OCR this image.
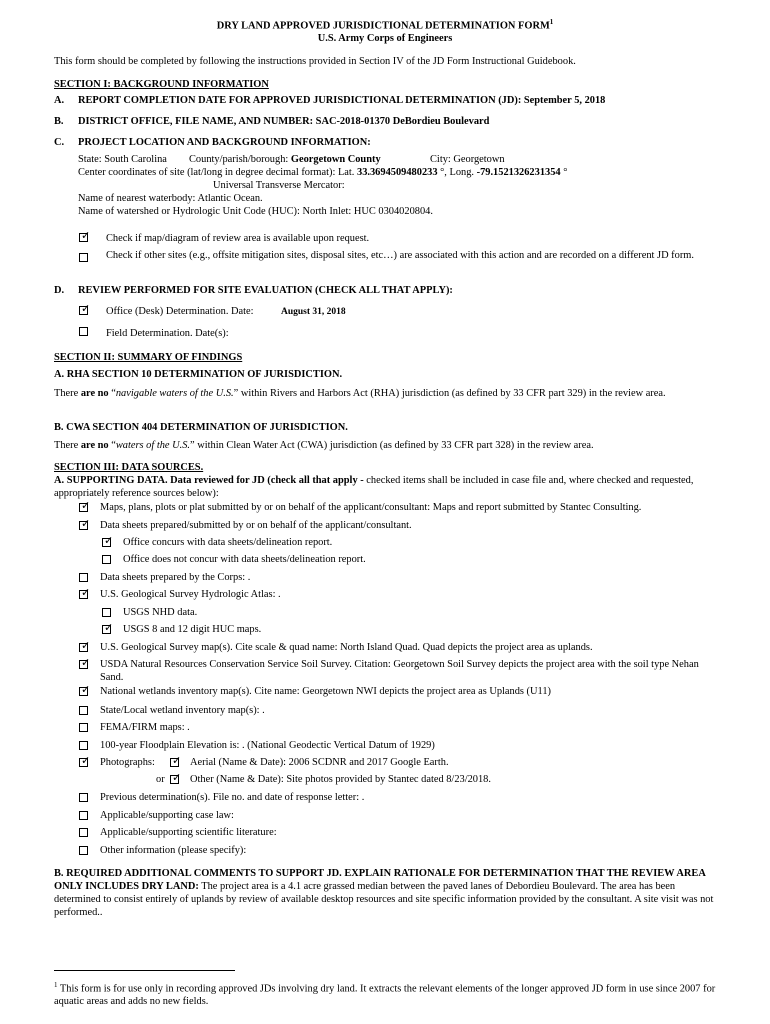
DRY LAND APPROVED JURISDICTIONAL DETERMINATION FORM$^1$
U.S. Army Corps of Engineers
This form should be completed by following the instructions provided in Section IV of the JD Form Instructional Guidebook.
SECTION I: BACKGROUND INFORMATION
A. REPORT COMPLETION DATE FOR APPROVED JURISDICTIONAL DETERMINATION (JD): September 5, 2018
B. DISTRICT OFFICE, FILE NAME, AND NUMBER: SAC-2018-01370 DeBordieu Boulevard
C. PROJECT LOCATION AND BACKGROUND INFORMATION:
State: South Carolina County/parish/borough: Georgetown County	City: Georgetown
Center coordinates of site (lat/long in degree decimal format): Lat. 33.3694509480233 °, Long. -79.1521326231354 °
Universal Transverse Mercator:
Name of nearest waterbody: Atlantic Ocean.
Name of watershed or Hydrologic Unit Code (HUC): North Inlet: HUC 0304020804.
✓
Check if map/diagram of review area is available upon request.
Check if other sites (e.g., offsite mitigation sites, disposal sites, etc…) are associated with this action and are recorded on a different JD form.
D. REVIEW PERFORMED FOR SITE EVALUATION (CHECK ALL THAT APPLY):
✓
Office (Desk) Determination. Date:	August 31, 2018
Field Determination. Date(s):
SECTION II: SUMMARY OF FINDINGS
A. RHA SECTION 10 DETERMINATION OF JURISDICTION.
There are no “navigable waters of the U.S.” within Rivers and Harbors Act (RHA) jurisdiction (as defined by 33 CFR part 329) in the review area.
B. CWA SECTION 404 DETERMINATION OF JURISDICTION.
There are no “waters of the U.S.” within Clean Water Act (CWA) jurisdiction (as defined by 33 CFR part 328) in the review area.
SECTION III: DATA SOURCES.
A. SUPPORTING DATA. Data reviewed for JD (check all that apply - checked items shall be included in case file and, where checked and requested, appropriately reference sources below):
✓
Maps, plans, plots or plat submitted by or on behalf of the applicant/consultant: Maps and report submitted by Stantec Consulting.
✓
Data sheets prepared/submitted by or on behalf of the applicant/consultant.
✓
Office concurs with data sheets/delineation report.
Office does not concur with data sheets/delineation report.
Data sheets prepared by the Corps: .
✓
U.S. Geological Survey Hydrologic Atlas: .
USGS NHD data.
✓
USGS 8 and 12 digit HUC maps.
✓
U.S. Geological Survey map(s). Cite scale & quad name: North Island Quad. Quad depicts the project area as uplands.
✓
USDA Natural Resources Conservation Service Soil Survey. Citation: Georgetown Soil Survey depicts the project area with the soil type Nehan Sand.
✓
National wetlands inventory map(s). Cite name: Georgetown NWI depicts the project area as Uplands (U11)
State/Local wetland inventory map(s): .
FEMA/FIRM maps: .
100-year Floodplain Elevation is: . (National Geodectic Vertical Datum of 1929)
✓
Photographs: ✓	Aerial (Name & Date): 2006 SCDNR and 2017 Google Earth.
or ✓ Other (Name & Date): Site photos provided by Stantec dated 8/23/2018.
Previous determination(s). File no. and date of response letter: .
Applicable/supporting case law:
Applicable/supporting scientific literature:
Other information (please specify):
B. REQUIRED ADDITIONAL COMMENTS TO SUPPORT JD. EXPLAIN RATIONALE FOR DETERMINATION THAT THE REVIEW AREA ONLY INCLUDES DRY LAND: The project area is a 4.1 acre grassed median between the paved lanes of Debordieu Boulevard. The area has been determined to consist entirely of uplands by review of available desktop resources and site specific information provided by the consultant. A site visit was not performed..
$^1$ This form is for use only in recording approved JDs involving dry land. It extracts the relevant elements of the longer approved JD form in use since 2007 for aquatic areas and adds no new fields.
